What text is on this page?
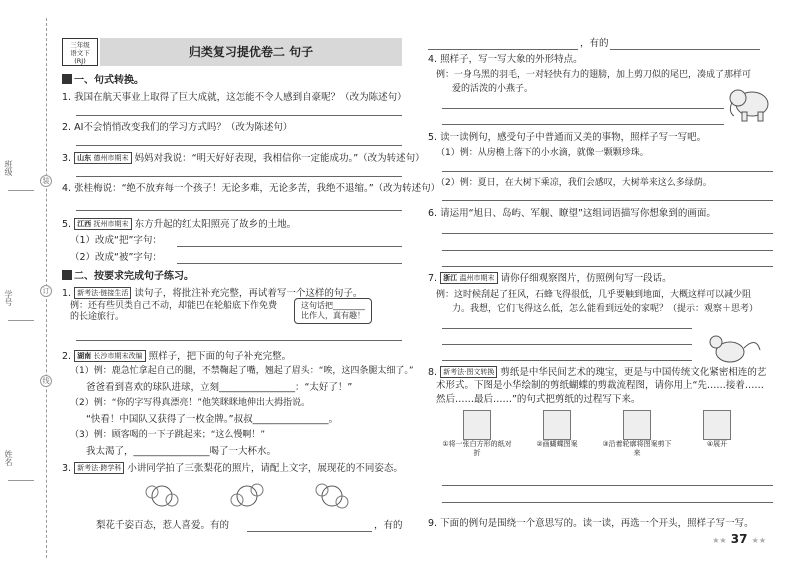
班级
学号
姓名
装
订
线
三年级
语文下
(RJ)
归类复习提优卷二 句子
一、句式转换。
1. 我国在航天事业上取得了巨大成就，这怎能不令人感到自豪呢？（改为陈述句）
2. AI不会悄悄改变我们的学习方式吗？（改为陈述句）
3. 山东 德州市期末 妈妈对我说：“明天好好表现，我相信你一定能成功。”（改为转述句）
4. 张桂梅说：“绝不放弃每一个孩子！无论多难，无论多苦，我绝不退缩。”（改为转述句）
5. 江西 抚州市期末 东方升起的红太阳照亮了故乡的土地。
（1）改成“把”字句：
（2）改成“被”字句：
二、按要求完成句子练习。
1. 新考法·链接生活 读句子，将批注补充完整，再试着写一个这样的句子。
例：还有些贝类自己不动，却能巴在轮船底下作免费的长途旅行。
这句话把________
比作人，真有趣！
2. 湖南 长沙市期末改编 照样子，把下面的句子补充完整。
（1）例：鹿急忙拿起自己的腿，不禁鞠起了嘴，翘起了眉头：“唉，这四条腿太细了。”
爸爸看到喜欢的球队进球，立刻________________：“太好了！”
（2）例：“你的字写得真漂亮！”他笑眯眯地伸出大拇指说。
“快看！中国队又获得了一枚金牌。”叔叔________________。
（3）例：顾客喝的一下子跳起来；“这么慢啊！”
我太渴了，________________喝了一大杯水。
3. 新考法·跨学科 小讲同学拍了三张梨花的照片，请配上文字，展现花的不同姿态。
梨花千姿百态，惹人喜爱。有的	，有的
，有的
4. 照样子，写一写大象的外形特点。
例：一身乌黑的羽毛，一对轻快有力的翅膀，加上剪刀似的尾巴，凑成了那样可
爱的活泼的小燕子。
5. 读一读例句，感受句子中普通而又美的事物，照样子写一写吧。
（1）例：从房檐上落下的小水滴，就像一颗颗珍珠。
（2）例：夏日，在大树下乘凉，我们会感叹，大树举来这么多绿荫。
6. 请运用“旭日、岛屿、军舰、瞭望”这组词语描写你想象到的画面。
7. 浙江 温州市期末 请你仔细观察图片，仿照例句写一段话。
例：这时候刮起了狂风，石蜂飞得很低，几乎要触到地面，大概这样可以减少阻
力。我想，它们飞得这么低，怎么能看到远处的家呢？（提示：观察＋思考）
8. 新考法·图文转换 剪纸是中华民间艺术的瑰宝，更是与中国传统文化紧密相连的艺
术形式。下图是小华绘制的剪纸蝴蝶的剪裁流程图，请你用上“先……接着……
然后……最后……”的句式把剪纸的过程写下来。
①将一张白方形的纸对折
②画蝴蝶图案	③沿着轮廓将图案剪下来
④展开
9. 下面的例句是围绕一个意思写的。读一读，再选一个开头，照样子写一写。
★★ 37 ★★
